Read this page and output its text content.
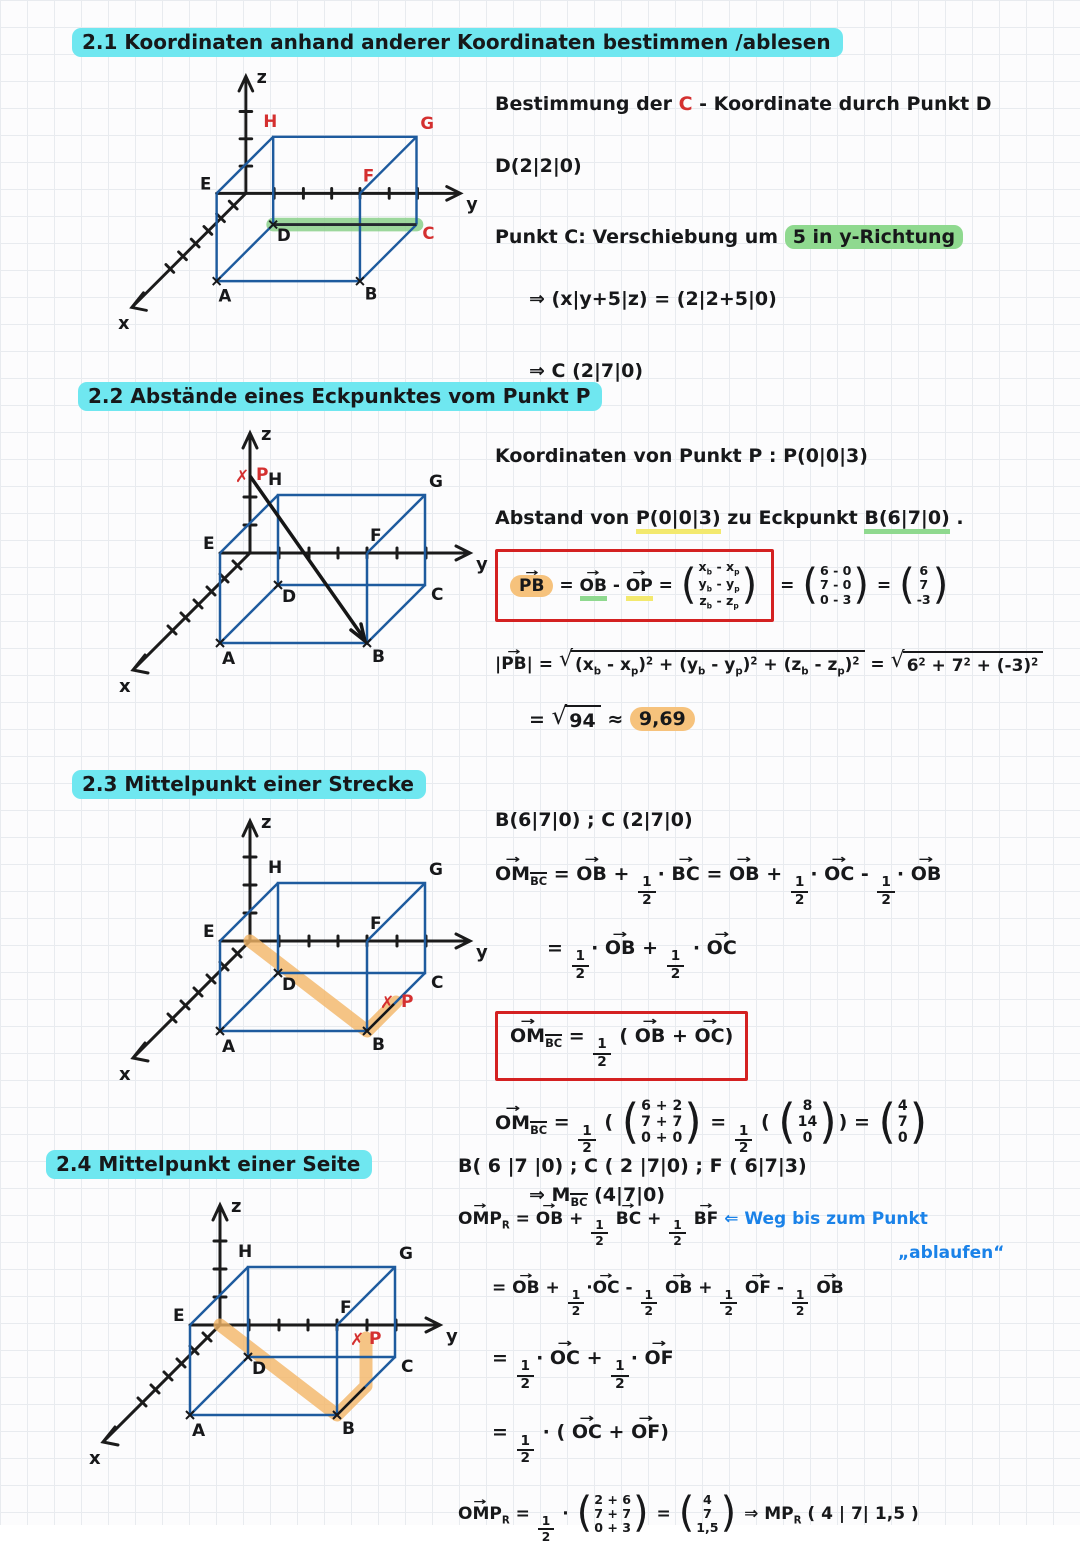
2.1 Koordinaten anhand anderer Koordinaten bestimmen /ablesen
z
y
x
E
H	G
F
A	B
D	C
Bestimmung der C - Koordinate durch Punkt D
D(2|2|0)
Punkt C: Verschiebung um 5 in y-Richtung
⇒ (x|y+5|z) = (2|2+5|0)
⇒ C (2|7|0)
2.2 Abstände eines Eckpunktes vom Punkt P
✗ P
z
y
x
E
H	G
F
A	B
D	C
Koordinaten von Punkt P : P(0|0|3)
Abstand von P(0|0|3) zu Eckpunkt B(6|7|0) .
→ PB = → OB - → OP = ( $x_b - x_p$
$y_b - y_p$
$z_b - z_p$ ) = ( 6 - 0
7 - 0
0 - 3 ) = ( 6
7
-3 )
|→ PB| = √ $(x_b - x_p)^2 + (y_b - y_p)^2 + (z_b - z_p)^2$ = √ $6^2 + 7^2 + (-3)^2$
= √ 94 ≈ 9,69
2.3 Mittelpunkt einer Strecke
✗ P
z
y
x
E
H	G
F
A	B
D	C
B(6|7|0) ; C (2|7|0)
→ $OM_{BC}$ = → OB +
$\frac{1}{2}$
· → BC = → OB +
$\frac{1}{2}$
· → OC -
$\frac{1}{2}$
· → OB
=
$\frac{1}{2}$
· → OB +
$\frac{1}{2}$
· → OC
→ $OM_{BC}$ =
$\frac{1}{2}$
( → OB + → OC)
→ $OM_{BC}$ =
$\frac{1}{2}$
( ( 6 + 2
7 + 7
0 + 0 ) =
$\frac{1}{2}$
( ( 8
14
0 ) ) = ( 4
7
0 )
⇒ $M_{BC}$ (4|7|0)
2.4 Mittelpunkt einer Seite
✗ P
z
y
x
E
H	G
F
A	B
D	C
B( 6 |7 |0) ; C ( 2 |7|0) ; F ( 6|7|3)
→ $OMP_R$ = → OB + $\frac{1}{2}$ → BC + $\frac{1}{2}$ → BF ⇐ Weg bis zum Punkt
„ablaufen“
= → OB + $\frac{1}{2}$ ·→ OC - $\frac{1}{2}$ → OB + $\frac{1}{2}$ → OF - $\frac{1}{2}$ → OB
=
$\frac{1}{2}$
· → OC +
$\frac{1}{2}$
· → OF
=
$\frac{1}{2}$
· ( → OC + → OF)
→ $OMP_R = \frac{1}{2}$ · ( 2 + 6
7 + 7
0 + 3 ) = ( 4
7
1,5 ) ⇒ $MP_R$ ( 4 | 7| 1,5 )
